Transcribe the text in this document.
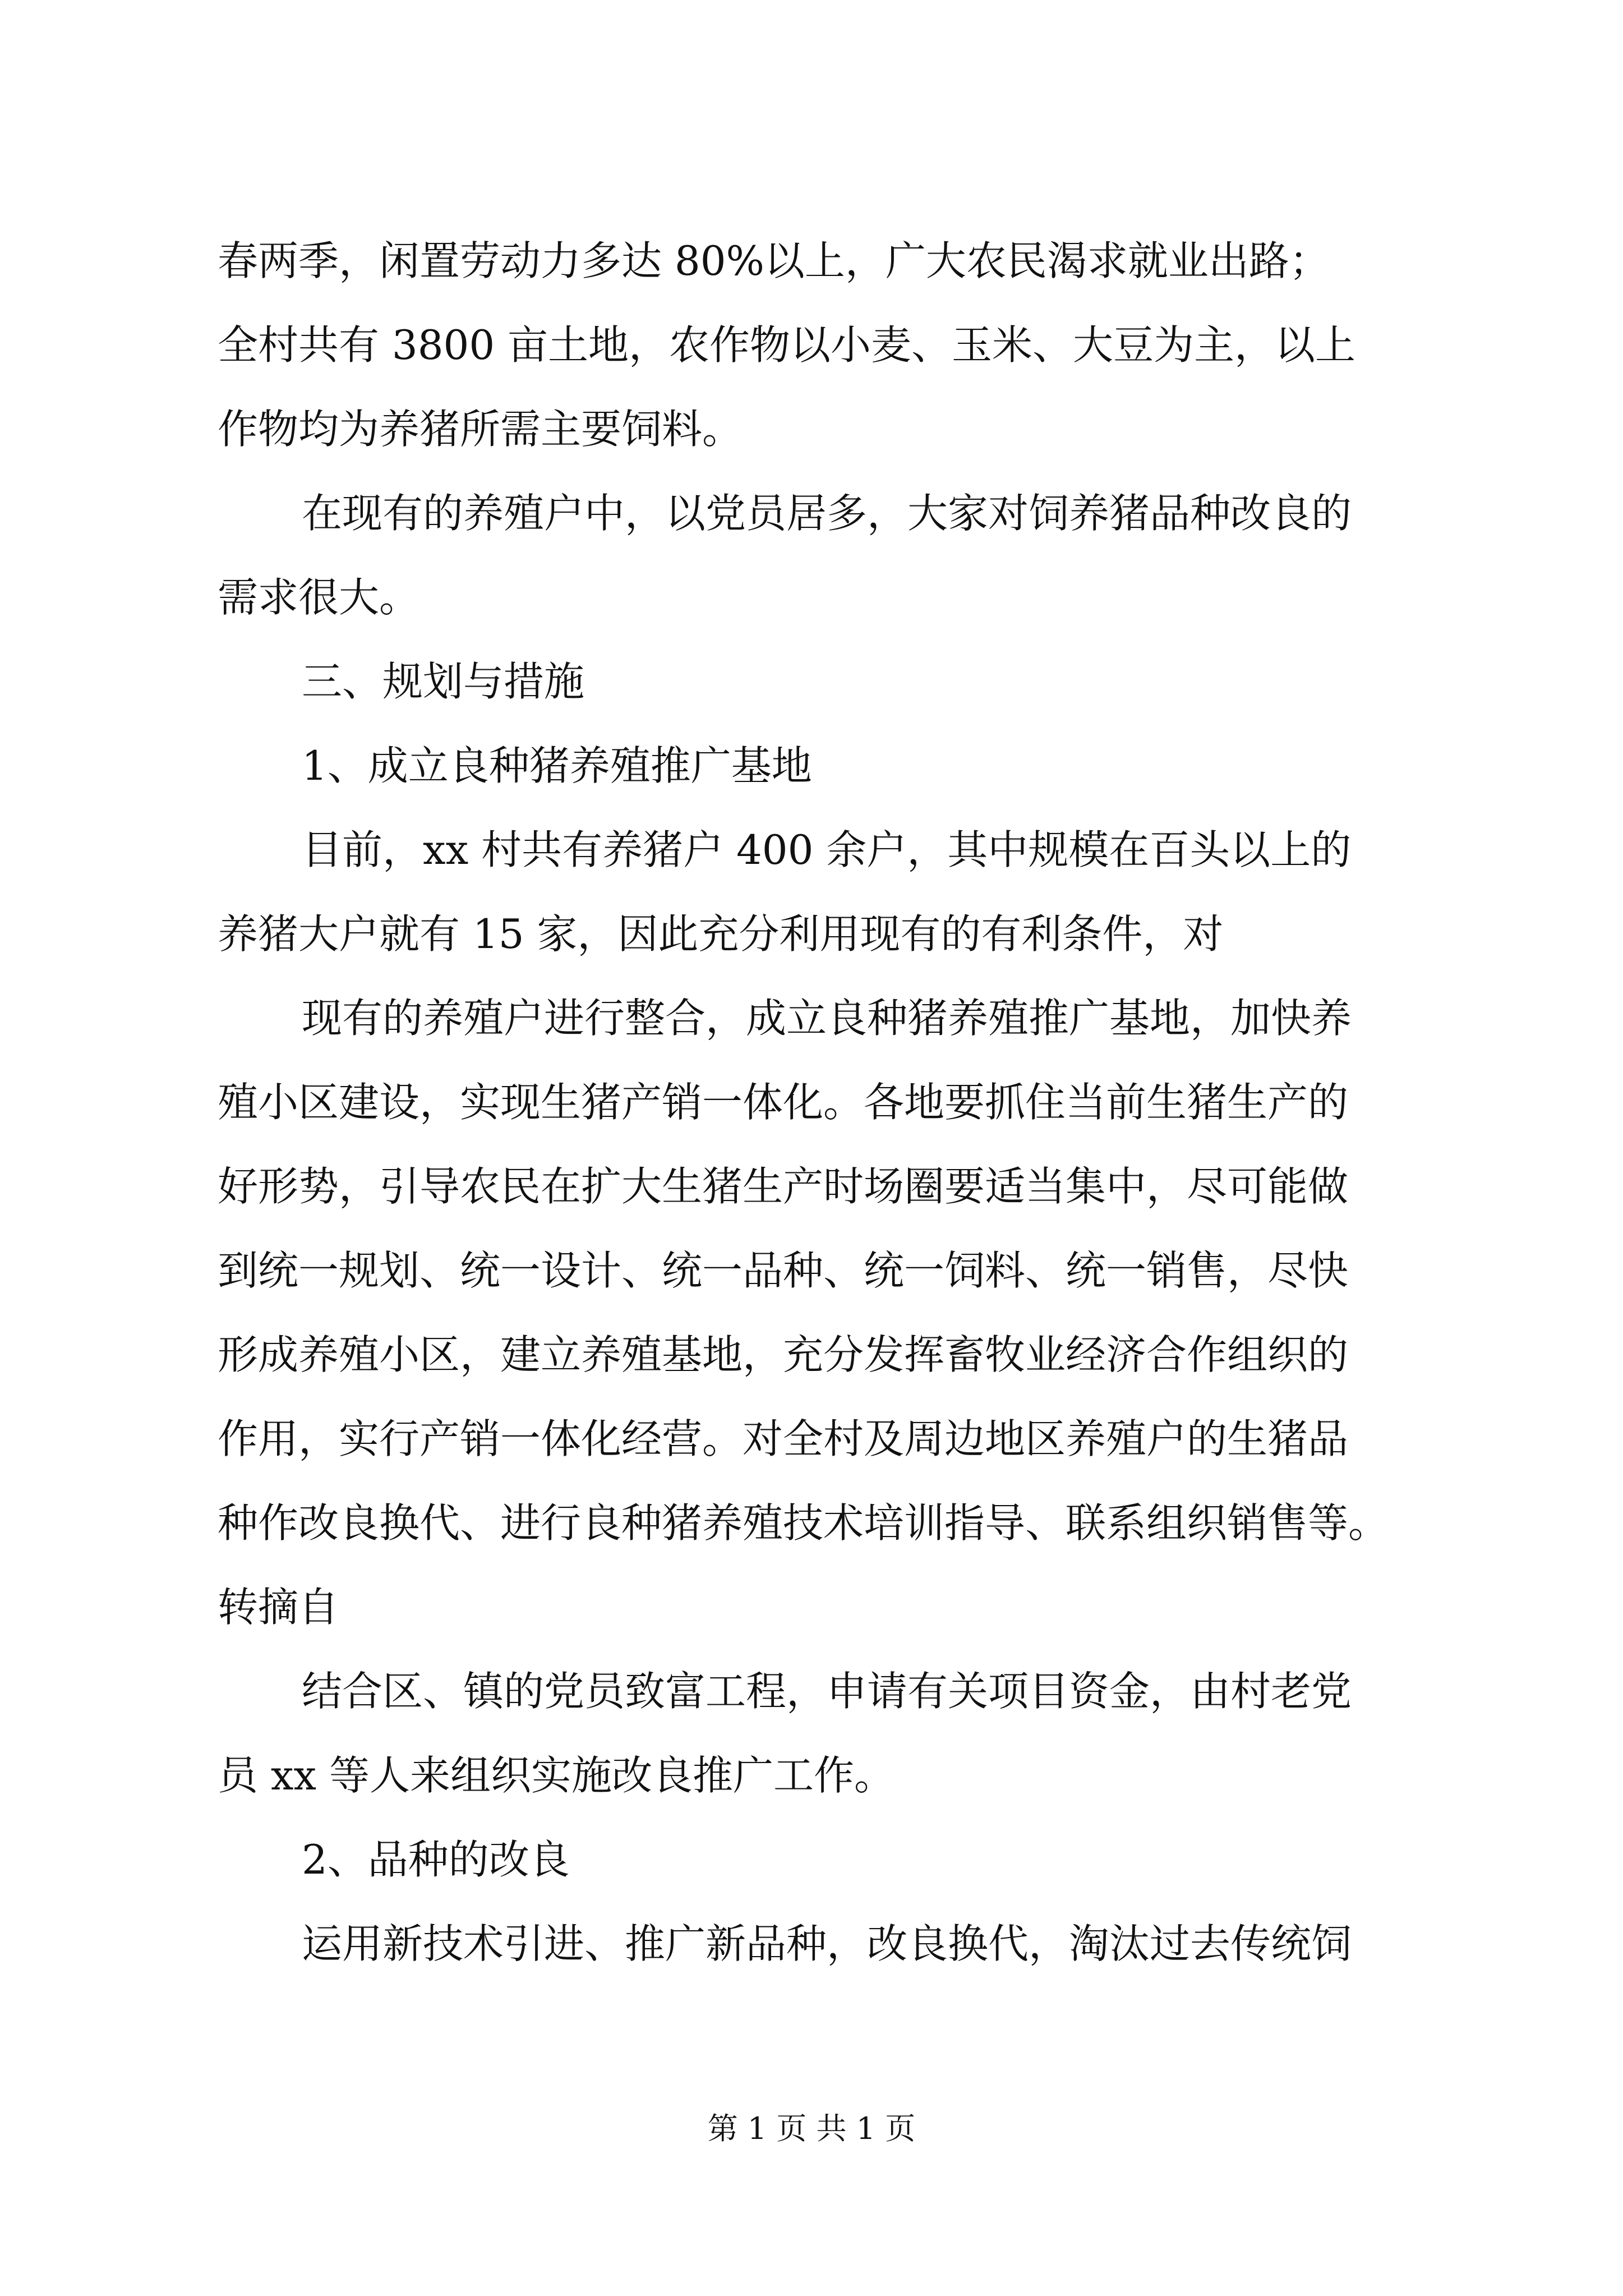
春两季，闲置劳动力多达 80%以上，广大农民渴求就业出路；
全村共有 3800 亩土地，农作物以小麦、玉米、大豆为主，以上
作物均为养猪所需主要饲料。
在现有的养殖户中，以党员居多，大家对饲养猪品种改良的
需求很大。
三、规划与措施
1、成立良种猪养殖推广基地
目前，xx 村共有养猪户 400 余户，其中规模在百头以上的
养猪大户就有 15 家，因此充分利用现有的有利条件，对
现有的养殖户进行整合，成立良种猪养殖推广基地，加快养
殖小区建设，实现生猪产销一体化。各地要抓住当前生猪生产的
好形势，引导农民在扩大生猪生产时场圈要适当集中，尽可能做
到统一规划、统一设计、统一品种、统一饲料、统一销售，尽快
形成养殖小区，建立养殖基地，充分发挥畜牧业经济合作组织的
作用，实行产销一体化经营。对全村及周边地区养殖户的生猪品
种作改良换代、进行良种猪养殖技术培训指导、联系组织销售等。
转摘自
结合区、镇的党员致富工程，申请有关项目资金，由村老党
员 xx 等人来组织实施改良推广工作。
2、品种的改良
运用新技术引进、推广新品种，改良换代，淘汰过去传统饲
第 1 页 共 1 页
